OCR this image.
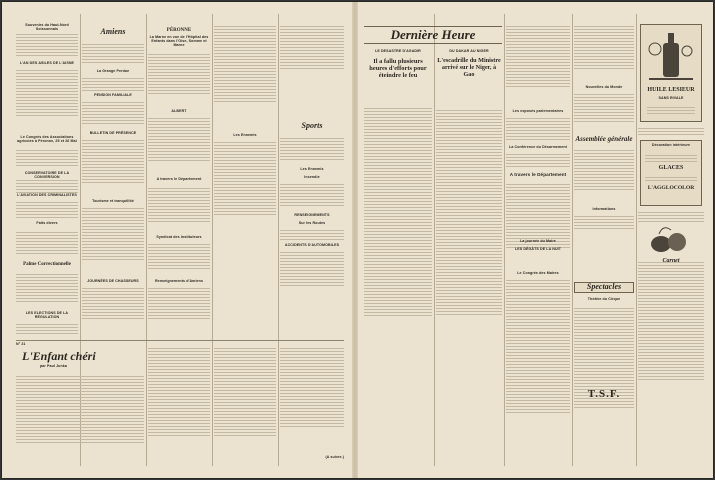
Souvenirs du Haut-Nord Soissonnais
L'AN DES ASILES DE L'AISNE
Le Congrès des Associations agricoles à Péronne, 25 et 26 Mai
CONSERVATOIRE DE LA CONVERSION
L'AVIATION DES CRIMINALISTES
Faits divers
Palme Correctionnelle
LES ELECTIONS DE LA RÉGULATION
Amiens
La Grange Perdue
PENSION FAMILIALE
BULLETIN DE PRÉSENCE
Tourisme et tranquillité
JOURNÉES DE CHASSEURS
PÉRONNE
La Marne en vue de l'Hôpital des Enfants dans l'Oise, Somme et Marne
ALBERT
A travers le Département
Syndicat des Instituteurs
Renseignements d'Amiens
Les Ennemis
Sports
Les Ennemis
Incendie
RENSEIGNEMENTS
Sur les Routes
ACCIDENTS D'AUTOMOBILES
N° 21
L'Enfant chéri
par Paul Junka
(A suivre.)
Dernière Heure
LE DESASTRE D'AGADIR
Il a fallu plusieurs heures d'efforts pour éteindre le feu
DU DAKAR AU NIGER
L'escadrille du Ministre arrivé sur le Niger, à Gao
Les exposés parlementaires
La Conférence du Désarmement
A travers le Département
Le Congrès des Maires
Nouvelles du Monde
Assemblée générale
Informations
Spectacles
Théâtre du Cirque
HUILE LESIEUR
SANS RIVALE
Décoration intérieure
GLACES
L'AGGLOCOLOR
T.S.F.
La journée du Maire
LES DÉGÂTS DE LA NUIT
Carnet
